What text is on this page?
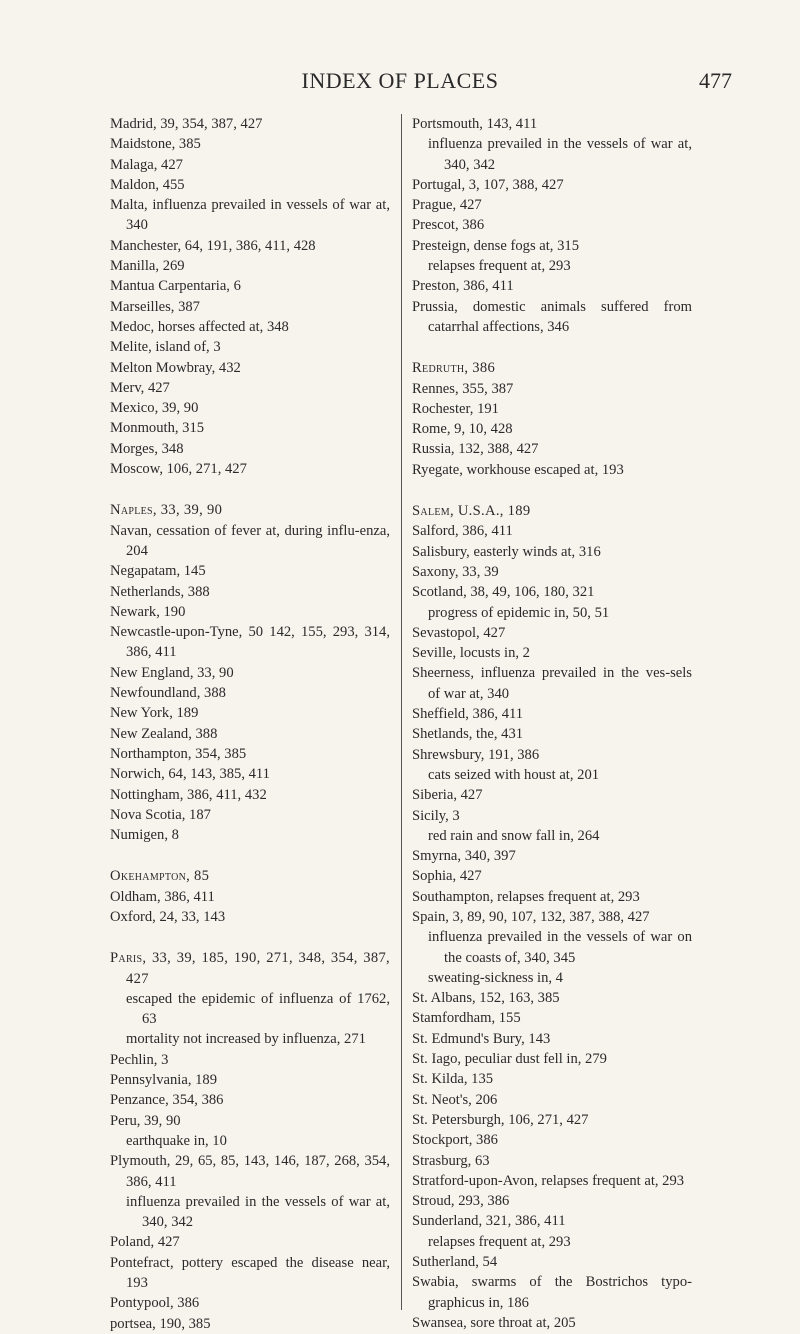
INDEX OF PLACES	477
Madrid, 39, 354, 387, 427
Maidstone, 385
Malaga, 427
Maldon, 455
Malta, influenza prevailed in vessels of war at, 340
Manchester, 64, 191, 386, 411, 428
Manilla, 269
Mantua Carpentaria, 6
Marseilles, 387
Medoc, horses affected at, 348
Melite, island of, 3
Melton Mowbray, 432
Merv, 427
Mexico, 39, 90
Monmouth, 315
Morges, 348
Moscow, 106, 271, 427
Naples, 33, 39, 90
Navan, cessation of fever at, during influ-enza, 204
Negapatam, 145
Netherlands, 388
Newark, 190
Newcastle-upon-Tyne, 50 142, 155, 293, 314, 386, 411
New England, 33, 90
Newfoundland, 388
New York, 189
New Zealand, 388
Northampton, 354, 385
Norwich, 64, 143, 385, 411
Nottingham, 386, 411, 432
Nova Scotia, 187
Numigen, 8
Okehampton, 85
Oldham, 386, 411
Oxford, 24, 33, 143
Paris, 33, 39, 185, 190, 271, 348, 354, 387, 427
escaped the epidemic of influenza of 1762, 63
mortality not increased by influenza, 271
Pechlin, 3
Pennsylvania, 189
Penzance, 354, 386
Peru, 39, 90
earthquake in, 10
Plymouth, 29, 65, 85, 143, 146, 187, 268, 354, 386, 411
influenza prevailed in the vessels of war at, 340, 342
Poland, 427
Pontefract, pottery escaped the disease near, 193
Pontypool, 386
portsea, 190, 385
Portsmouth, 143, 411
influenza prevailed in the vessels of war at, 340, 342
Portugal, 3, 107, 388, 427
Prague, 427
Prescot, 386
Presteign, dense fogs at, 315
relapses frequent at, 293
Preston, 386, 411
Prussia, domestic animals suffered from catarrhal affections, 346
Redruth, 386
Rennes, 355, 387
Rochester, 191
Rome, 9, 10, 428
Russia, 132, 388, 427
Ryegate, workhouse escaped at, 193
Salem, U.S.A., 189
Salford, 386, 411
Salisbury, easterly winds at, 316
Saxony, 33, 39
Scotland, 38, 49, 106, 180, 321
progress of epidemic in, 50, 51
Sevastopol, 427
Seville, locusts in, 2
Sheerness, influenza prevailed in the ves-sels of war at, 340
Sheffield, 386, 411
Shetlands, the, 431
Shrewsbury, 191, 386
cats seized with houst at, 201
Siberia, 427
Sicily, 3
red rain and snow fall in, 264
Smyrna, 340, 397
Sophia, 427
Southampton, relapses frequent at, 293
Spain, 3, 89, 90, 107, 132, 387, 388, 427
influenza prevailed in the vessels of war on the coasts of, 340, 345
sweating-sickness in, 4
St. Albans, 152, 163, 385
Stamfordham, 155
St. Edmund's Bury, 143
St. Iago, peculiar dust fell in, 279
St. Kilda, 135
St. Neot's, 206
St. Petersburgh, 106, 271, 427
Stockport, 386
Strasburg, 63
Stratford-upon-Avon, relapses frequent at, 293
Stroud, 293, 386
Sunderland, 321, 386, 411
relapses frequent at, 293
Sutherland, 54
Swabia, swarms of the Bostrichos typo-graphicus in, 186
Swansea, sore throat at, 205
